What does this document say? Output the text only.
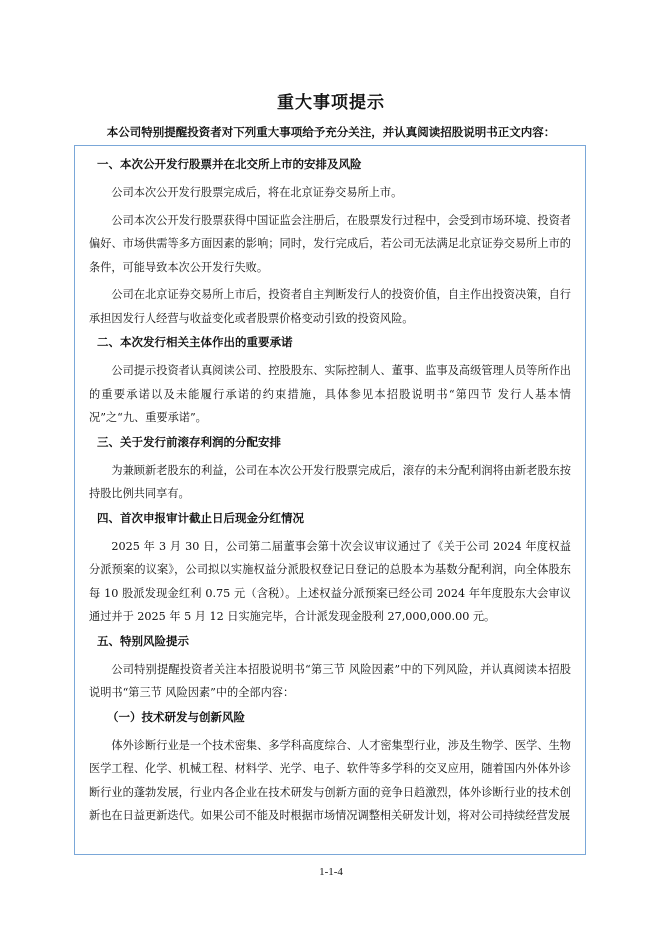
重大事项提示
本公司特别提醒投资者对下列重大事项给予充分关注，并认真阅读招股说明书正文内容：
一、本次公开发行股票并在北交所上市的安排及风险

公司本次公开发行股票完成后，将在北京证券交易所上市。

公司本次公开发行股票获得中国证监会注册后，在股票发行过程中，会受到市场环境、投资者偏好、市场供需等多方面因素的影响；同时，发行完成后，若公司无法满足北京证券交易所上市的条件，可能导致本次公开发行失败。

公司在北京证券交易所上市后，投资者自主判断发行人的投资价值，自主作出投资决策，自行承担因发行人经营与收益变化或者股票价格变动引致的投资风险。

二、本次发行相关主体作出的重要承诺

公司提示投资者认真阅读公司、控股股东、实际控制人、董事、监事及高级管理人员等所作出的重要承诺以及未能履行承诺的约束措施，具体参见本招股说明书“第四节 发行人基本情况”之“九、重要承诺”。

三、关于发行前滚存利润的分配安排

为兼顾新老股东的利益，公司在本次公开发行股票完成后，滚存的未分配利润将由新老股东按持股比例共同享有。

四、首次申报审计截止日后现金分红情况

2025 年 3 月 30 日，公司第二届董事会第十次会议审议通过了《关于公司 2024 年度权益分派预案的议案》，公司拟以实施权益分派股权登记日登记的总股本为基数分配利润，向全体股东每 10 股派发现金红利 0.75 元（含税）。上述权益分派预案已经公司 2024 年年度股东大会审议通过并于 2025 年 5 月 12 日实施完毕，合计派发现金股利 27,000,000.00 元。

五、特别风险提示

公司特别提醒投资者关注本招股说明书“第三节 风险因素”中的下列风险，并认真阅读本招股说明书“第三节 风险因素”中的全部内容：

（一）技术研发与创新风险

体外诊断行业是一个技术密集、多学科高度综合、人才密集型行业，涉及生物学、医学、生物医学工程、化学、机械工程、材料学、光学、电子、软件等多学科的交叉应用，随着国内外体外诊断行业的蓬勃发展，行业内各企业在技术研发与创新方面的竞争日趋激烈，体外诊断行业的技术创新也在日益更新迭代。如果公司不能及时根据市场情况调整相关研发计划，将对公司持续经营发展

1-1-4
